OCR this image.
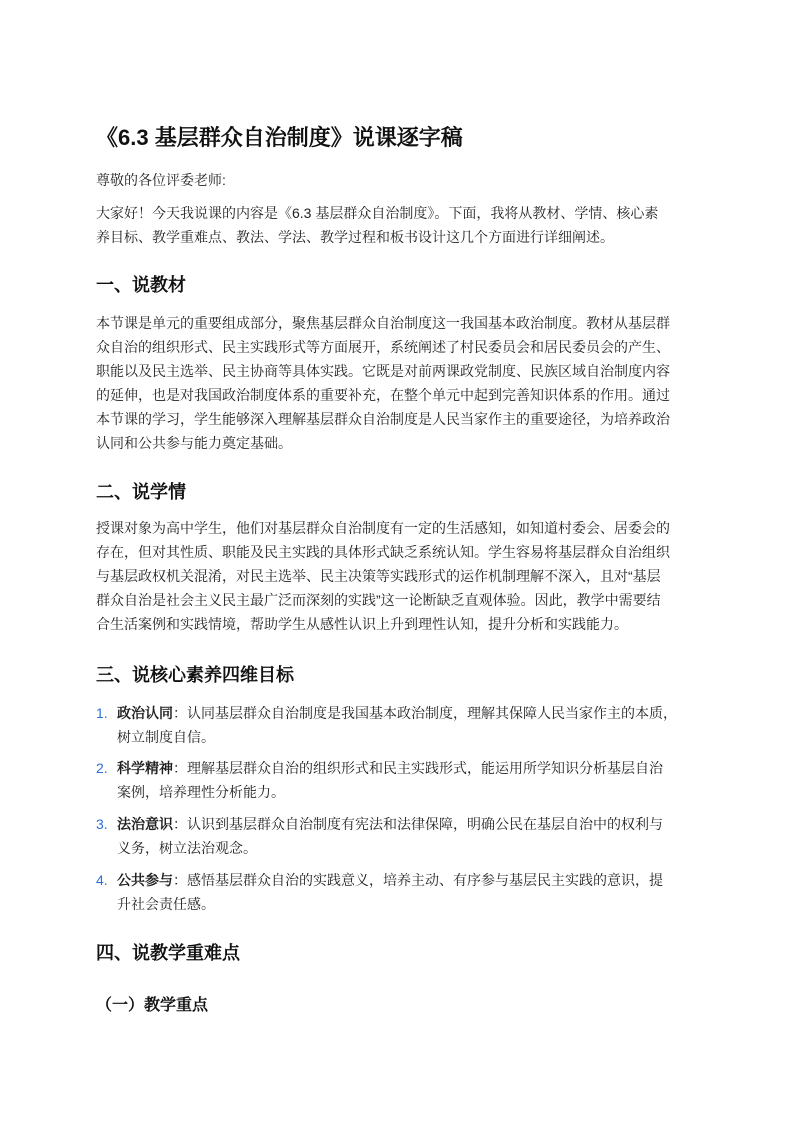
《6.3 基层群众自治制度》说课逐字稿
尊敬的各位评委老师:
大家好！今天我说课的内容是《6.3 基层群众自治制度》。下面，我将从教材、学情、核心素
养目标、教学重难点、教法、学法、教学过程和板书设计这几个方面进行详细阐述。
一、说教材
本节课是单元的重要组成部分，聚焦基层群众自治制度这一我国基本政治制度。教材从基层群
众自治的组织形式、民主实践形式等方面展开，系统阐述了村民委员会和居民委员会的产生、
职能以及民主选举、民主协商等具体实践。它既是对前两课政党制度、民族区域自治制度内容
的延伸，也是对我国政治制度体系的重要补充，在整个单元中起到完善知识体系的作用。通过
本节课的学习，学生能够深入理解基层群众自治制度是人民当家作主的重要途径，为培养政治
认同和公共参与能力奠定基础。
二、说学情
授课对象为高中学生，他们对基层群众自治制度有一定的生活感知，如知道村委会、居委会的
存在，但对其性质、职能及民主实践的具体形式缺乏系统认知。学生容易将基层群众自治组织
与基层政权机关混淆，对民主选举、民主决策等实践形式的运作机制理解不深入，且对“基层
群众自治是社会主义民主最广泛而深刻的实践”这一论断缺乏直观体验。因此，教学中需要结
合生活案例和实践情境，帮助学生从感性认识上升到理性认知，提升分析和实践能力。
三、说核心素养四维目标
1. 政治认同：认同基层群众自治制度是我国基本政治制度，理解其保障人民当家作主的本质，
树立制度自信。
2. 科学精神：理解基层群众自治的组织形式和民主实践形式，能运用所学知识分析基层自治
案例，培养理性分析能力。
3. 法治意识：认识到基层群众自治制度有宪法和法律保障，明确公民在基层自治中的权利与
义务，树立法治观念。
4. 公共参与：感悟基层群众自治的实践意义，培养主动、有序参与基层民主实践的意识，提
升社会责任感。
四、说教学重难点
（一）教学重点
